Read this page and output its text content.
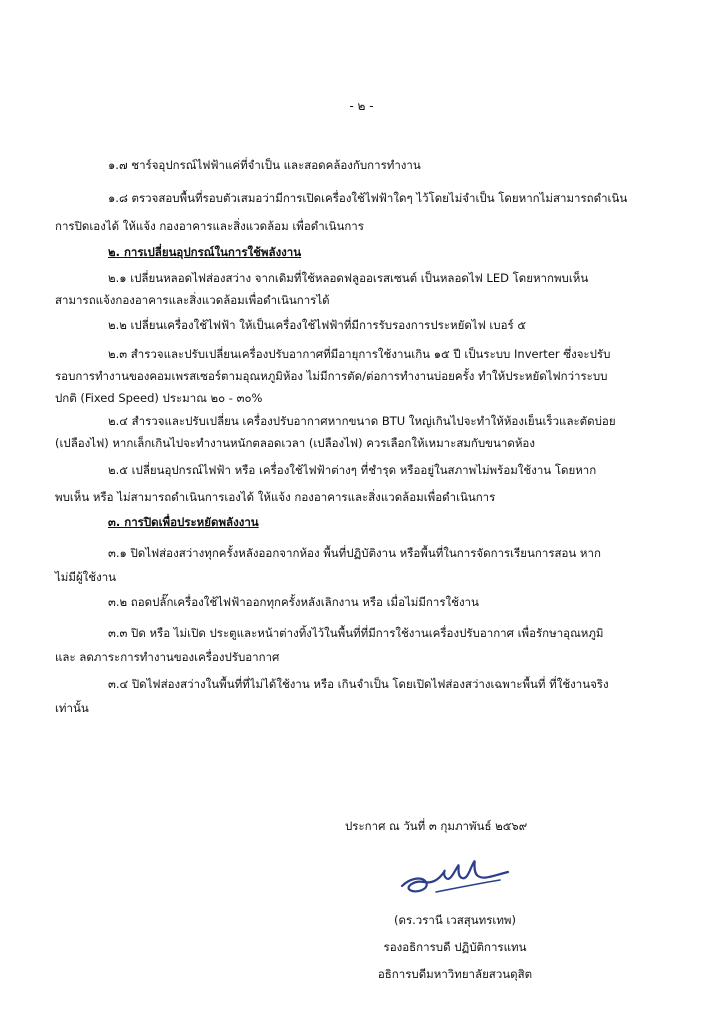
- ๒ -
๑.๗ ชาร์จอุปกรณ์ไฟฟ้าแค่ที่จำเป็น และสอดคล้องกับการทำงาน
๑.๘ ตรวจสอบพื้นที่รอบตัวเสมอว่ามีการเปิดเครื่องใช้ไฟฟ้าใดๆ ไว้โดยไม่จำเป็น โดยหากไม่สามารถดำเนิน
การปิดเองได้ ให้แจ้ง กองอาคารและสิ่งแวดล้อม เพื่อดำเนินการ
๒. การเปลี่ยนอุปกรณ์ในการใช้พลังงาน
๒.๑ เปลี่ยนหลอดไฟส่องสว่าง จากเดิมที่ใช้หลอดฟลูออเรสเซนต์ เป็นหลอดไฟ LED โดยหากพบเห็น
สามารถแจ้งกองอาคารและสิ่งแวดล้อมเพื่อดำเนินการได้
๒.๒ เปลี่ยนเครื่องใช้ไฟฟ้า ให้เป็นเครื่องใช้ไฟฟ้าที่มีการรับรองการประหยัดไฟ เบอร์ ๕
๒.๓ สำรวจและปรับเปลี่ยนเครื่องปรับอากาศที่มีอายุการใช้งานเกิน ๑๕ ปี เป็นระบบ Inverter ซึ่งจะปรับ
รอบการทำงานของคอมเพรสเซอร์ตามอุณหภูมิห้อง ไม่มีการตัด/ต่อการทำงานบ่อยครั้ง ทำให้ประหยัดไฟกว่าระบบ
ปกติ (Fixed Speed) ประมาณ ๒๐ - ๓๐%
๒.๔ สำรวจและปรับเปลี่ยน เครื่องปรับอากาศหากขนาด BTU ใหญ่เกินไปจะทำให้ห้องเย็นเร็วและตัดบ่อย
(เปลืองไฟ) หากเล็กเกินไปจะทำงานหนักตลอดเวลา (เปลืองไฟ) ควรเลือกให้เหมาะสมกับขนาดห้อง
๒.๕ เปลี่ยนอุปกรณ์ไฟฟ้า หรือ เครื่องใช้ไฟฟ้าต่างๆ ที่ชำรุด หรืออยู่ในสภาพไม่พร้อมใช้งาน โดยหาก
พบเห็น หรือ ไม่สามารถดำเนินการเองได้ ให้แจ้ง กองอาคารและสิ่งแวดล้อมเพื่อดำเนินการ
๓. การปิดเพื่อประหยัดพลังงาน
๓.๑ ปิดไฟส่องสว่างทุกครั้งหลังออกจากห้อง พื้นที่ปฏิบัติงาน หรือพื้นที่ในการจัดการเรียนการสอน หาก
ไม่มีผู้ใช้งาน
๓.๒ ถอดปลั๊กเครื่องใช้ไฟฟ้าออกทุกครั้งหลังเลิกงาน หรือ เมื่อไม่มีการใช้งาน
๓.๓ ปิด หรือ ไม่เปิด ประตูและหน้าต่างทิ้งไว้ในพื้นที่ที่มีการใช้งานเครื่องปรับอากาศ เพื่อรักษาอุณหภูมิ
และ ลดภาระการทำงานของเครื่องปรับอากาศ
๓.๔ ปิดไฟส่องสว่างในพื้นที่ที่ไม่ได้ใช้งาน หรือ เกินจำเป็น โดยเปิดไฟส่องสว่างเฉพาะพื้นที่ ที่ใช้งานจริง
เท่านั้น
ประกาศ ณ วันที่ ๓ กุมภาพันธ์ ๒๕๖๙
(ดร.วรานี เวสสุนทรเทพ)
รองอธิการบดี ปฏิบัติการแทน
อธิการบดีมหาวิทยาลัยสวนดุสิต
